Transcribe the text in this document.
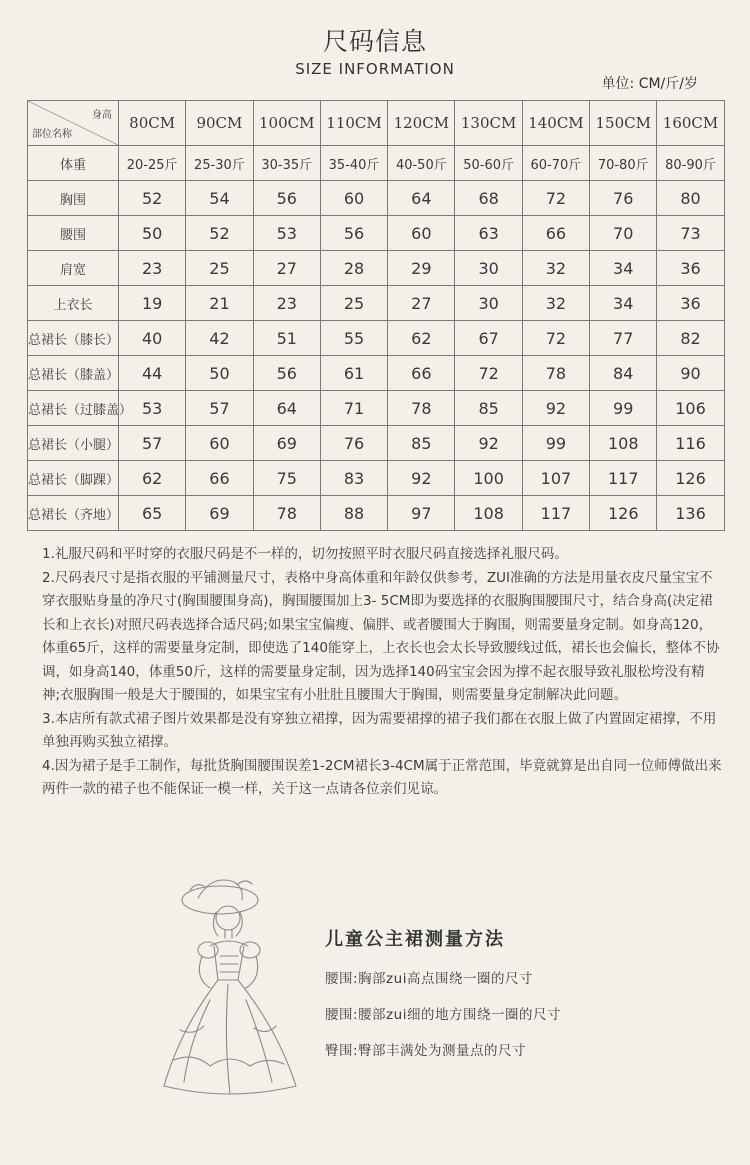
尺码信息
SIZE INFORMATION
单位: CM/斤/岁
身高
部位名称	80CM	90CM	100CM	110CM	120CM	130CM	140CM	150CM	160CM
体重	20-25斤	25-30斤	30-35斤	35-40斤	40-50斤	50-60斤	60-70斤	70-80斤	80-90斤
胸围	52	54	56	60	64	68	72	76	80
腰围	50	52	53	56	60	63	66	70	73
肩宽	23	25	27	28	29	30	32	34	36
上衣长	19	21	23	25	27	30	32	34	36
总裙长（膝长）	40	42	51	55	62	67	72	77	82
总裙长（膝盖）	44	50	56	61	66	72	78	84	90
总裙长（过膝盖）	53	57	64	71	78	85	92	99	106
总裙长（小腿）	57	60	69	76	85	92	99	108	116
总裙长（脚踝）	62	66	75	83	92	100	107	117	126
总裙长（齐地）	65	69	78	88	97	108	117	126	136

1.礼服尺码和平时穿的衣服尺码是不一样的，切勿按照平时衣服尺码直接选择礼服尺码。

2.尺码表尺寸是指衣服的平铺测量尺寸，表格中身高体重和年龄仅供参考，ZUI准确的方法是用量衣皮尺量宝宝不穿衣服贴身量的净尺寸(胸围腰围身高)，胸围腰围加上3- 5CM即为要选择的衣服胸围腰围尺寸，结合身高(决定裙长和上衣长)对照尺码表选择合适尺码;如果宝宝偏瘦、偏胖、或者腰围大于胸围，则需要量身定制。如身高120，体重65斤，这样的需要量身定制，即使选了140能穿上，上衣长也会太长导致腰线过低，裙长也会偏长，整体不协调，如身高140，体重50斤，这样的需要量身定制，因为选择140码宝宝会因为撑不起衣服导致礼服松垮没有精神;衣服胸围一般是大于腰围的，如果宝宝有小肚肚且腰围大于胸围，则需要量身定制解决此问题。

3.本店所有款式裙子图片效果都是没有穿独立裙撑，因为需要裙撑的裙子我们都在衣服上做了内置固定裙撑，不用单独再购买独立裙撑。

4.因为裙子是手工制作，每批货胸围腰围误差1-2CM裙长3-4CM属于正常范围，毕竟就算是出自同一位师傅做出来两件一款的裙子也不能保证一模一样，关于这一点请各位亲们见谅。

儿童公主裙测量方法
腰围:胸部zui高点围绕一圈的尺寸
腰围:腰部zui细的地方围绕一圈的尺寸
臀围:臀部丰满处为测量点的尺寸
